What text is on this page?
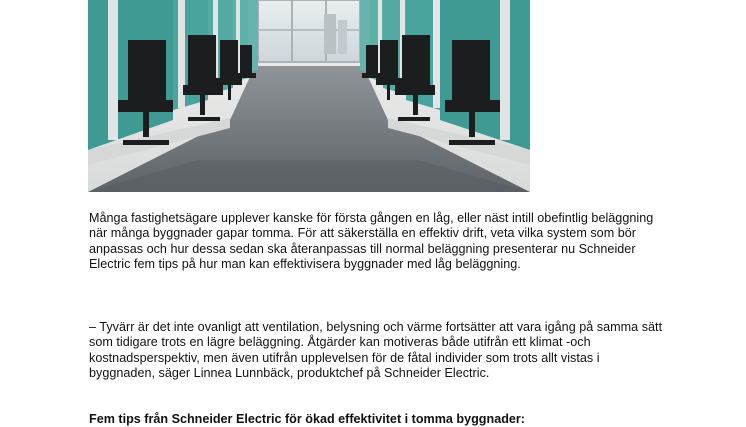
Många fastighetsägare upplever kanske för första gången en låg, eller näst intill obefintlig beläggning när många byggnader gapar tomma. För att säkerställa en effektiv drift, veta vilka system som bör anpassas och hur dessa sedan ska återanpassas till normal beläggning presenterar nu Schneider Electric fem tips på hur man kan effektivisera byggnader med låg beläggning.

– Tyvärr är det inte ovanligt att ventilation, belysning och värme fortsätter att vara igång på samma sätt som tidigare trots en lägre beläggning. Åtgärder kan motiveras både utifrån ett klimat -och kostnadsperspektiv, men även utifrån upplevelsen för de fåtal individer som trots allt vistas i byggnaden, säger Linnea Lunnbäck, produktchef på Schneider Electric.

Fem tips från Schneider Electric för ökad effektivitet i tomma byggnader:
